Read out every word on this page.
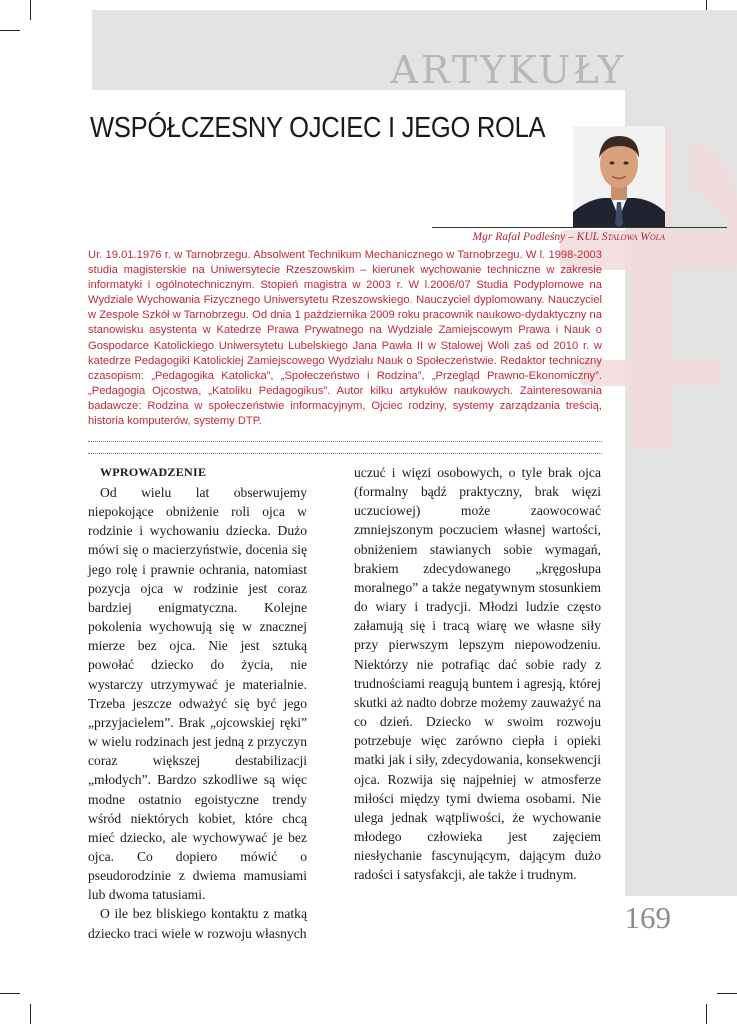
ARTYKUŁY
WSPÓŁCZESNY OJCIEC I JEGO ROLA
Mgr Rafał Podleśny – KUL Stalowa Wola
Ur. 19.01.1976 r. w Tarnobrzegu. Absolwent Technikum Mechanicznego w Tarnobrzegu. W l. 1998-2003 studia magisterskie na Uniwersytecie Rzeszowskim – kierunek wychowanie techniczne w zakresie informatyki i ogólnotechnicznym. Stopień magistra w 2003 r. W l.2006/07 Studia Podyplomowe na Wydziale Wychowania Fizycznego Uniwersytetu Rzeszowskiego. Nauczyciel dyplomowany. Nauczyciel w Zespole Szkół w Tarnobrzegu. Od dnia 1 października 2009 roku pracownik naukowo-dydaktyczny na stanowisku asystenta w Katedrze Prawa Prywatnego na Wydziale Zamiejscowym Prawa i Nauk o Gospodarce Katolickiego Uniwersytetu Lubelskiego Jana Pawła II w Stalowej Woli zaś od 2010 r. w katedrze Pedagogiki Katolickiej Zamiejscowego Wydziału Nauk o Społeczeństwie. Redaktor techniczny czasopism: „Pedagogika Katolicka”, „Społeczeństwo i Rodzina”, „Przegląd Prawno-Ekonomiczny”. „Pedagogia Ojcostwa, „Katoliku Pedagogikus”. Autor kilku artykułów naukowych. Zainteresowania badawcze: Rodzina w społeczeństwie informacyjnym, Ojciec rodziny, systemy zarządzania treścią, historia komputerów, systemy DTP.
WPROWADZENIE

Od wielu lat obserwujemy niepokojące obniżenie roli ojca w rodzinie i wychowaniu dziecka. Dużo mówi się o macierzyństwie, docenia się jego rolę i prawnie ochrania, natomiast pozycja ojca w rodzinie jest coraz bardziej enigmatyczna. Kolejne pokolenia wychowują się w znacznej mierze bez ojca. Nie jest sztuką powołać dziecko do życia, nie wystarczy utrzymywać je materialnie. Trzeba jeszcze odważyć się być jego „przyjacielem”. Brak „ojcowskiej ręki” w wielu rodzinach jest jedną z przyczyn coraz większej destabilizacji „młodych”. Bardzo szkodliwe są więc modne ostatnio egoistyczne trendy wśród niektórych kobiet, które chcą mieć dziecko, ale wychowywać je bez ojca. Co dopiero mówić o pseudorodzinie z dwiema mamusiami lub dwoma tatusiami.

O ile bez bliskiego kontaktu z matką dziecko traci wiele w rozwoju własnych

uczuć i więzi osobowych, o tyle brak ojca (formalny bądź praktyczny, brak więzi uczuciowej) może zaowocować zmniejszonym poczuciem własnej wartości, obniżeniem stawianych sobie wymagań, brakiem zdecydowanego „kręgosłupa moralnego” a także negatywnym stosunkiem do wiary i tradycji. Młodzi ludzie często załamują się i tracą wiarę we własne siły przy pierwszym lepszym niepowodzeniu. Niektórzy nie potrafiąc dać sobie rady z trudnościami reagują buntem i agresją, której skutki aż nadto dobrze możemy zauważyć na co dzień. Dziecko w swoim rozwoju potrzebuje więc zarówno ciepła i opieki matki jak i siły, zdecydowania, konsekwencji ojca. Rozwija się najpełniej w atmosferze miłości między tymi dwiema osobami. Nie ulega jednak wątpliwości, że wychowanie młodego człowieka jest zajęciem niesłychanie fascynującym, dającym dużo radości i satysfakcji, ale także i trudnym.

169
